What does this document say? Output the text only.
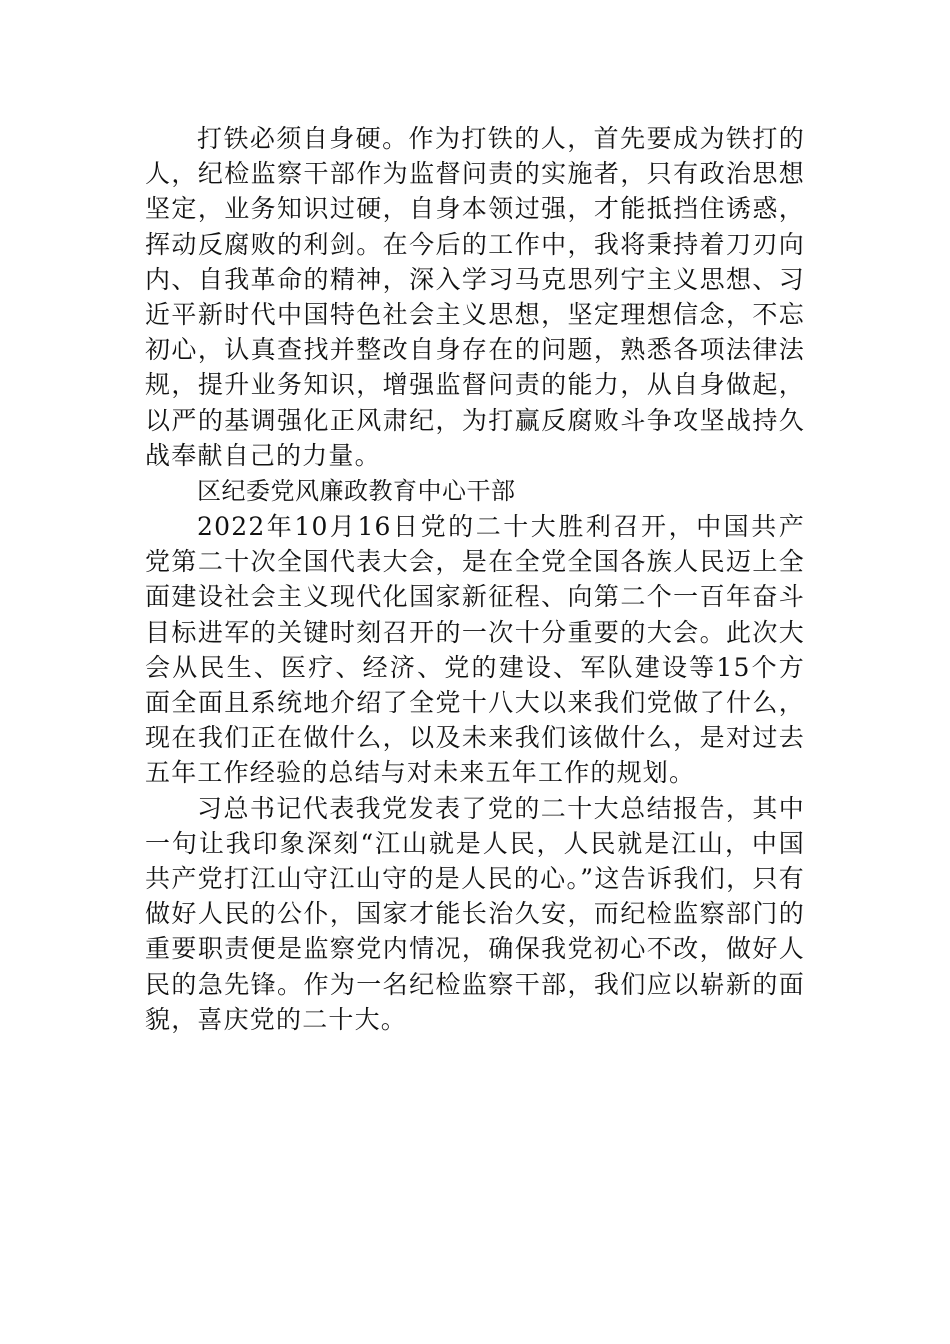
打铁必须自身硬。作为打铁的人，首先要成为铁打的人，纪检监察干部作为监督问责的实施者，只有政治思想坚定，业务知识过硬，自身本领过强，才能抵挡住诱惑，挥动反腐败的利剑。在今后的工作中，我将秉持着刀刃向内、自我革命的精神，深入学习马克思列宁主义思想、习近平新时代中国特色社会主义思想，坚定理想信念，不忘初心，认真查找并整改自身存在的问题，熟悉各项法律法规，提升业务知识，增强监督问责的能力，从自身做起，以严的基调强化正风肃纪，为打赢反腐败斗争攻坚战持久战奉献自己的力量。

区纪委党风廉政教育中心干部

2022年10月16日党的二十大胜利召开，中国共产党第二十次全国代表大会，是在全党全国各族人民迈上全面建设社会主义现代化国家新征程、向第二个一百年奋斗目标进军的关键时刻召开的一次十分重要的大会。此次大会从民生、医疗、经济、党的建设、军队建设等15个方面全面且系统地介绍了全党十八大以来我们党做了什么，现在我们正在做什么，以及未来我们该做什么，是对过去五年工作经验的总结与对未来五年工作的规划。

习总书记代表我党发表了党的二十大总结报告，其中一句让我印象深刻“江山就是人民，人民就是江山，中国共产党打江山守江山守的是人民的心。”这告诉我们，只有做好人民的公仆，国家才能长治久安，而纪检监察部门的重要职责便是监察党内情况，确保我党初心不改，做好人民的急先锋。作为一名纪检监察干部，我们应以崭新的面貌，喜庆党的二十大。
